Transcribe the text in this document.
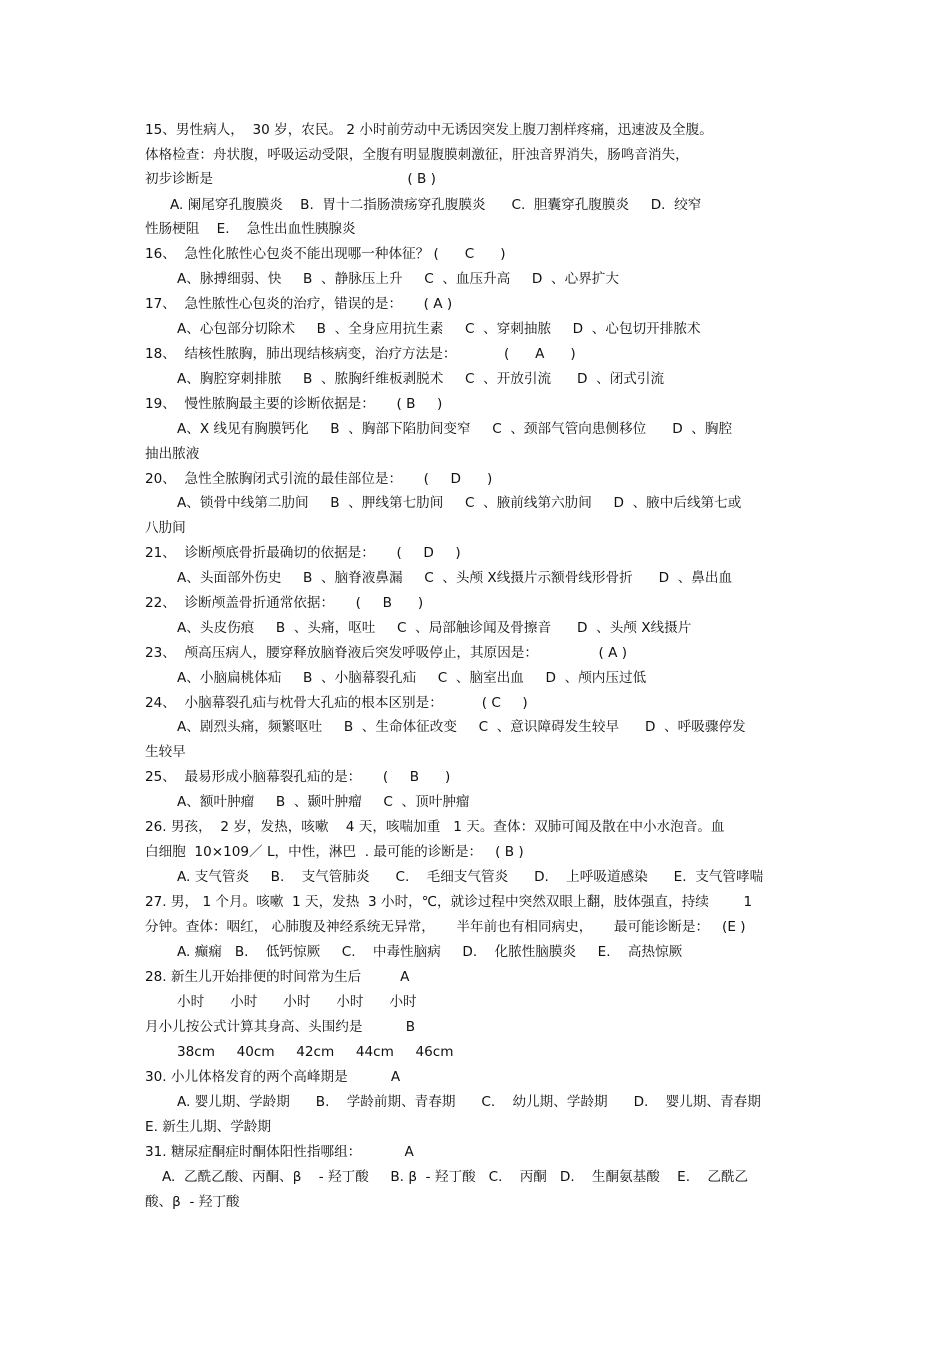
15、男性病人，  30 岁，农民。 2 小时前劳动中无诱因突发上腹刀割样疼痛，迅速波及全腹。
体格检查：舟状腹，呼吸运动受限，全腹有明显腹膜刺激征，肝浊音界消失，肠鸣音消失，
初步诊断是                                             ( B )
A. 阑尾穿孔腹膜炎    B.  胃十二指肠溃疡穿孔腹膜炎      C.  胆囊穿孔腹膜炎     D.  绞窄
性肠梗阻    E.    急性出血性胰腺炎
16、  急性化脓性心包炎不能出现哪一种体征？ (      C      )
A、脉搏细弱、快     B  、静脉压上升     C  、血压升高     D  、心界扩大
17、  急性脓性心包炎的治疗，错误的是：     ( A )
A、心包部分切除术     B  、全身应用抗生素     C  、穿刺抽脓     D  、心包切开排脓术
18、  结核性脓胸，肺出现结核病变，治疗方法是：           (      A      )
A、胸腔穿刺排脓     B  、脓胸纤维板剥脱术     C  、开放引流      D  、闭式引流
19、  慢性脓胸最主要的诊断依据是：     ( B     )
A、X 线见有胸膜钙化     B  、胸部下陷肋间变窄     C  、颈部气管向患侧移位      D  、胸腔
抽出脓液
20、  急性全脓胸闭式引流的最佳部位是：     (     D      )
A、锁骨中线第二肋间     B  、胛线第七肋间     C  、腋前线第六肋间     D  、腋中后线第七或
八肋间
21、  诊断颅底骨折最确切的依据是：     (     D     )
A、头面部外伤史     B  、脑脊液鼻漏     C  、头颅 X线摄片示额骨线形骨折      D  、鼻出血
22、  诊断颅盖骨折通常依据：     (     B      )
A、头皮伤痕     B  、头痛，呕吐     C  、局部触诊闻及骨擦音      D  、头颅 X线摄片
23、  颅高压病人，腰穿释放脑脊液后突发呼吸停止，其原因是：              ( A )
A、小脑扁桃体疝     B  、小脑幕裂孔疝     C  、脑室出血     D  、颅内压过低
24、  小脑幕裂孔疝与枕骨大孔疝的根本区别是：         ( C     )
A、剧烈头痛，频繁呕吐     B  、生命体征改变     C  、意识障碍发生较早      D  、呼吸骤停发
生较早
25、  最易形成小脑幕裂孔疝的是：     (     B      )
A、额叶肿瘤     B  、颞叶肿瘤     C  、顶叶肿瘤
26. 男孩，  2 岁，发热，咳嗽    4 天，咳喘加重   1 天。查体：双肺可闻及散在中小水泡音。血
白细胞  10×109／ L，中性，淋巴  . 最可能的诊断是：   ( B )
A. 支气管炎     B.    支气管肺炎      C.    毛细支气管炎      D.    上呼吸道感染      E.  支气管哮喘
27. 男， 1 个月。咳嗽  1 天，发热  3 小时，℃，就诊过程中突然双眼上翻，肢体强直，持续        1
分钟。查体：咽红， 心肺腹及神经系统无异常，     半年前也有相同病史，     最可能诊断是：   (E )
A. 癫痫   B.    低钙惊厥     C.    中毒性脑病     D.    化脓性脑膜炎     E.    高热惊厥
28. 新生儿开始排便的时间常为生后         A
小时      小时      小时      小时      小时
月小儿按公式计算其身高、头围约是          B
38cm     40cm     42cm     44cm     46cm
30. 小儿体格发育的两个高峰期是          A
A. 婴儿期、学龄期      B.    学龄前期、青春期      C.    幼儿期、学龄期      D.    婴儿期、青春期
E. 新生儿期、学龄期
31. 糖尿症酮症时酮体阳性指哪组：          A
A.  乙酰乙酸、丙酮、β    - 羟丁酸     B. β  - 羟丁酸   C.    丙酮   D.    生酮氨基酸    E.    乙酰乙
酸、β  - 羟丁酸
